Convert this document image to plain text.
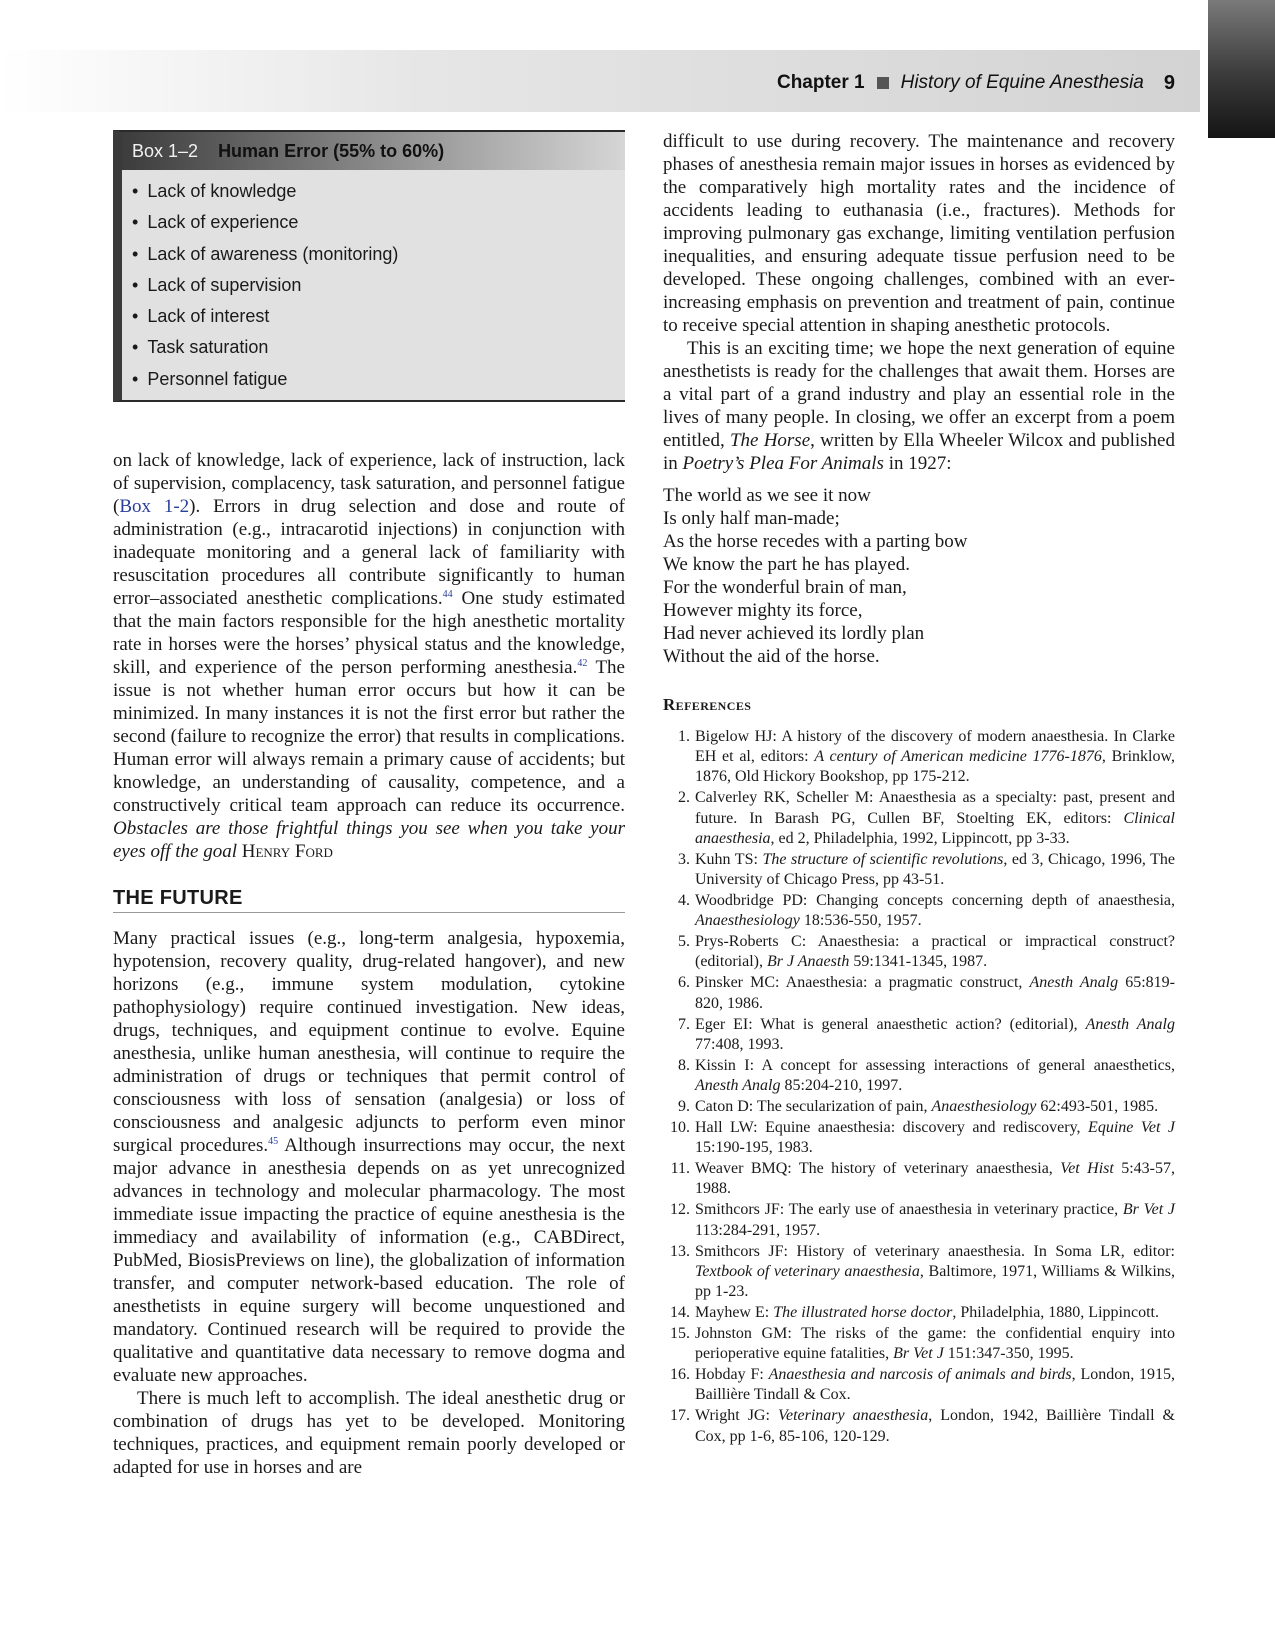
Chapter 1 History of Equine Anesthesia 9
Box 1–2 Human Error (55% to 60%)
• Lack of knowledge
• Lack of experience
• Lack of awareness (monitoring)
• Lack of supervision
• Lack of interest
• Task saturation
• Personnel fatigue

on lack of knowledge, lack of experience, lack of instruction, lack of supervision, complacency, task saturation, and personnel fatigue (Box 1-2). Errors in drug selection and dose and route of administration (e.g., intracarotid injections) in conjunction with inadequate monitoring and a general lack of familiarity with resuscitation procedures all contribute significantly to human error–associated anesthetic complications.$^{44}$ One study estimated that the main factors responsible for the high anesthetic mortality rate in horses were the horses’ physical status and the knowledge, skill, and experience of the person performing anesthesia.$^{42}$ The issue is not whether human error occurs but how it can be minimized. In many instances it is not the first error but rather the second (failure to recognize the error) that results in complications. Human error will always remain a primary cause of accidents; but knowledge, an understanding of causality, competence, and a constructively critical team approach can reduce its occurrence. Obstacles are those frightful things you see when you take your eyes off the goal Henry Ford

THE FUTURE

Many practical issues (e.g., long-term analgesia, hypoxemia, hypotension, recovery quality, drug-related hangover), and new horizons (e.g., immune system modulation, cytokine pathophysiology) require continued investigation. New ideas, drugs, techniques, and equipment continue to evolve. Equine anesthesia, unlike human anesthesia, will continue to require the administration of drugs or techniques that permit control of consciousness with loss of sensation (analgesia) or loss of consciousness and analgesic adjuncts to perform even minor surgical procedures.$^{45}$ Although insurrections may occur, the next major advance in anesthesia depends on as yet unrecognized advances in technology and molecular pharmacology. The most immediate issue impacting the practice of equine anesthesia is the immediacy and availability of information (e.g., CABDirect, PubMed, BiosisPreviews on line), the globalization of information transfer, and computer network-based education. The role of anesthetists in equine surgery will become unquestioned and mandatory. Continued research will be required to provide the qualitative and quantitative data necessary to remove dogma and evaluate new approaches.

There is much left to accomplish. The ideal anesthetic drug or combination of drugs has yet to be developed. Monitoring techniques, practices, and equipment remain poorly developed or adapted for use in horses and are

difficult to use during recovery. The maintenance and recovery phases of anesthesia remain major issues in horses as evidenced by the comparatively high mortality rates and the incidence of accidents leading to euthanasia (i.e., fractures). Methods for improving pulmonary gas exchange, limiting ventilation perfusion inequalities, and ensuring adequate tissue perfusion need to be developed. These ongoing challenges, combined with an ever-increasing emphasis on prevention and treatment of pain, continue to receive special attention in shaping anesthetic protocols.

This is an exciting time; we hope the next generation of equine anesthetists is ready for the challenges that await them. Horses are a vital part of a grand industry and play an essential role in the lives of many people. In closing, we offer an excerpt from a poem entitled, The Horse, written by Ella Wheeler Wilcox and published in Poetry’s Plea For Animals in 1927:

The world as we see it now
Is only half man-made;
As the horse recedes with a parting bow
We know the part he has played.
For the wonderful brain of man,
However mighty its force,
Had never achieved its lordly plan
Without the aid of the horse.
References
1. Bigelow HJ: A history of the discovery of modern anaesthesia. In Clarke EH et al, editors: A century of American medicine 1776-1876, Brinklow, 1876, Old Hickory Bookshop, pp 175-212.
2. Calverley RK, Scheller M: Anaesthesia as a specialty: past, present and future. In Barash PG, Cullen BF, Stoelting EK, editors: Clinical anaesthesia, ed 2, Philadelphia, 1992, Lippincott, pp 3-33.
3. Kuhn TS: The structure of scientific revolutions, ed 3, Chicago, 1996, The University of Chicago Press, pp 43-51.
4. Woodbridge PD: Changing concepts concerning depth of anaesthesia, Anaesthesiology 18:536-550, 1957.
5. Prys-Roberts C: Anaesthesia: a practical or impractical construct? (editorial), Br J Anaesth 59:1341-1345, 1987.
6. Pinsker MC: Anaesthesia: a pragmatic construct, Anesth Analg 65:819-820, 1986.
7. Eger EI: What is general anaesthetic action? (editorial), Anesth Analg 77:408, 1993.
8. Kissin I: A concept for assessing interactions of general anaesthetics, Anesth Analg 85:204-210, 1997.
9. Caton D: The secularization of pain, Anaesthesiology 62:493-501, 1985.
10. Hall LW: Equine anaesthesia: discovery and rediscovery, Equine Vet J 15:190-195, 1983.
11. Weaver BMQ: The history of veterinary anaesthesia, Vet Hist 5:43-57, 1988.
12. Smithcors JF: The early use of anaesthesia in veterinary practice, Br Vet J 113:284-291, 1957.
13. Smithcors JF: History of veterinary anaesthesia. In Soma LR, editor: Textbook of veterinary anaesthesia, Baltimore, 1971, Williams & Wilkins, pp 1-23.
14. Mayhew E: The illustrated horse doctor, Philadelphia, 1880, Lippincott.
15. Johnston GM: The risks of the game: the confidential enquiry into perioperative equine fatalities, Br Vet J 151:347-350, 1995.
16. Hobday F: Anaesthesia and narcosis of animals and birds, London, 1915, Baillière Tindall & Cox.
17. Wright JG: Veterinary anaesthesia, London, 1942, Baillière Tindall & Cox, pp 1-6, 85-106, 120-129.
